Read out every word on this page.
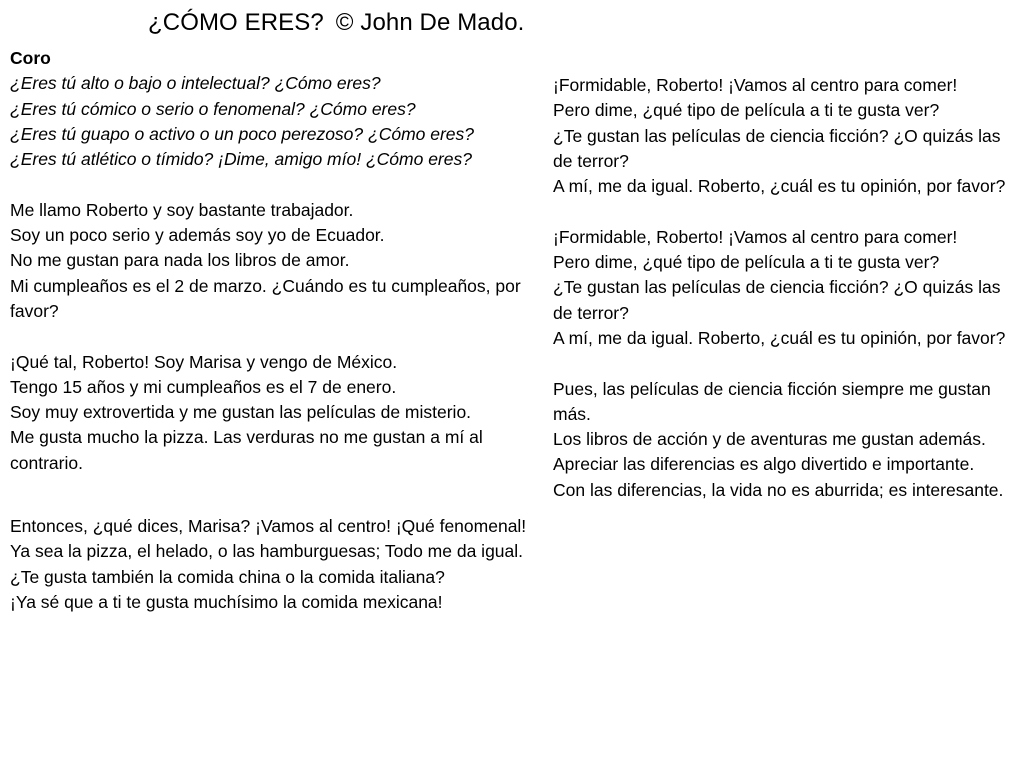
¿CÓMO ERES? © John De Mado.
Coro
¿Eres tú alto o bajo o intelectual? ¿Cómo eres?
¿Eres tú cómico o serio o fenomenal? ¿Cómo eres?
¿Eres tú guapo o activo o un poco perezoso? ¿Cómo eres?
¿Eres tú atlético o tímido? ¡Dime, amigo mío! ¿Cómo eres?
Me llamo Roberto y soy bastante trabajador.
Soy un poco serio y además soy yo de Ecuador.
No me gustan para nada los libros de amor.
Mi cumpleaños es el 2 de marzo. ¿Cuándo es tu cumpleaños, por favor?
¡Qué tal, Roberto! Soy Marisa y vengo de México.
Tengo 15 años y mi cumpleaños es el 7 de enero.
Soy muy extrovertida y me gustan las películas de misterio.
Me gusta mucho la pizza. Las verduras no me gustan a mí al contrario.
Entonces, ¿qué dices, Marisa? ¡Vamos al centro! ¡Qué fenomenal!
Ya sea la pizza, el helado, o las hamburguesas; Todo me da igual.
¿Te gusta también la comida china o la comida italiana?
¡Ya sé que a ti te gusta muchísimo la comida mexicana!
¡Formidable, Roberto! ¡Vamos al centro para comer!
Pero dime, ¿qué tipo de película a ti te gusta ver?
¿Te gustan las películas de ciencia ficción? ¿O quizás las de terror?
A mí, me da igual. Roberto, ¿cuál es tu opinión, por favor?
¡Formidable, Roberto! ¡Vamos al centro para comer!
Pero dime, ¿qué tipo de película a ti te gusta ver?
¿Te gustan las películas de ciencia ficción? ¿O quizás las de terror?
A mí, me da igual. Roberto, ¿cuál es tu opinión, por favor?
Pues, las películas de ciencia ficción siempre me gustan más.
Los libros de acción y de aventuras me gustan además.
Apreciar las diferencias es algo divertido e importante.
Con las diferencias, la vida no es aburrida; es interesante.
